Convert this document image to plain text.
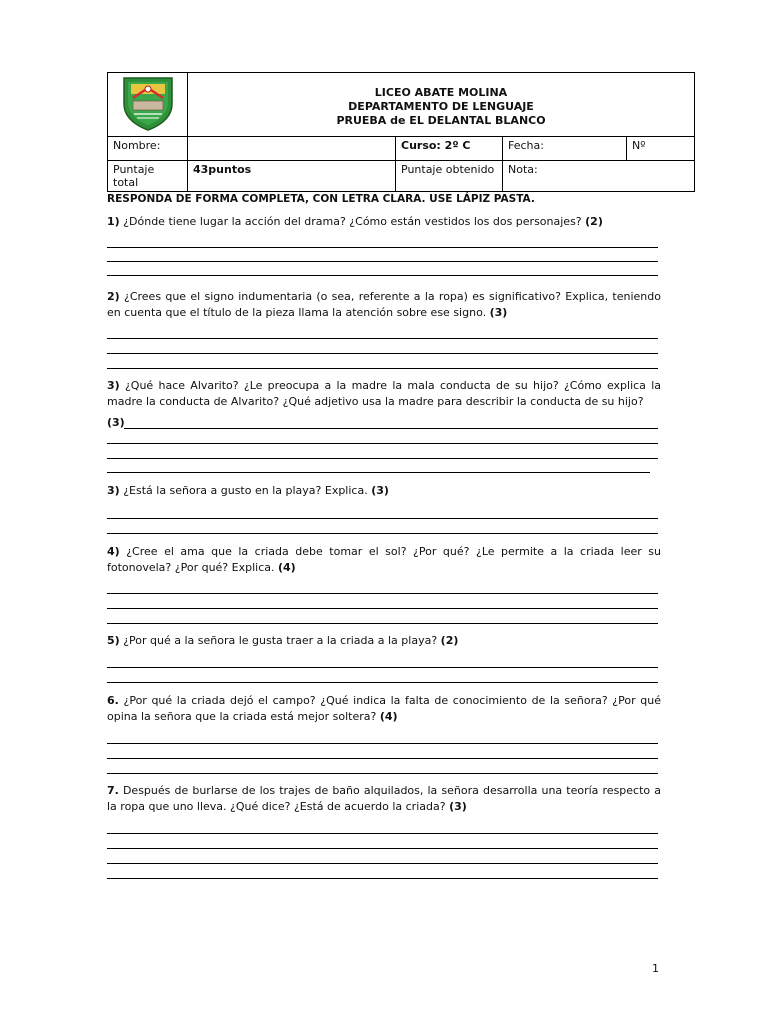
LICEO ABATE MOLINA
DEPARTAMENTO DE LENGUAJE
PRUEBA de EL DELANTAL BLANCO			

Nombre:		Curso: 2º C	Fecha:	Nº
Puntaje total	43puntos	Puntaje obtenido	Nota:	
RESPONDA DE FORMA COMPLETA, CON LETRA CLARA. USE LÁPIZ PASTA.
1) ¿Dónde tiene lugar la acción del drama? ¿Cómo están vestidos los dos personajes? (2)
2) ¿Crees que el signo indumentaria (o sea, referente a la ropa) es significativo? Explica, teniendo en cuenta que el título de la pieza llama la atención sobre ese signo. (3)
3) ¿Qué hace Alvarito? ¿Le preocupa a la madre la mala conducta de su hijo? ¿Cómo explica la madre la conducta de Alvarito? ¿Qué adjetivo usa la madre para describir la conducta de su hijo?
(3)
3) ¿Está la señora a gusto en la playa? Explica. (3)
4) ¿Cree el ama que la criada debe tomar el sol? ¿Por qué? ¿Le permite a la criada leer su fotonovela? ¿Por qué? Explica. (4)
5) ¿Por qué a la señora le gusta traer a la criada a la playa? (2)
6. ¿Por qué la criada dejó el campo? ¿Qué indica la falta de conocimiento de la señora? ¿Por qué opina la señora que la criada está mejor soltera? (4)
7. Después de burlarse de los trajes de baño alquilados, la señora desarrolla una teoría respecto a la ropa que uno lleva. ¿Qué dice? ¿Está de acuerdo la criada? (3)
1
